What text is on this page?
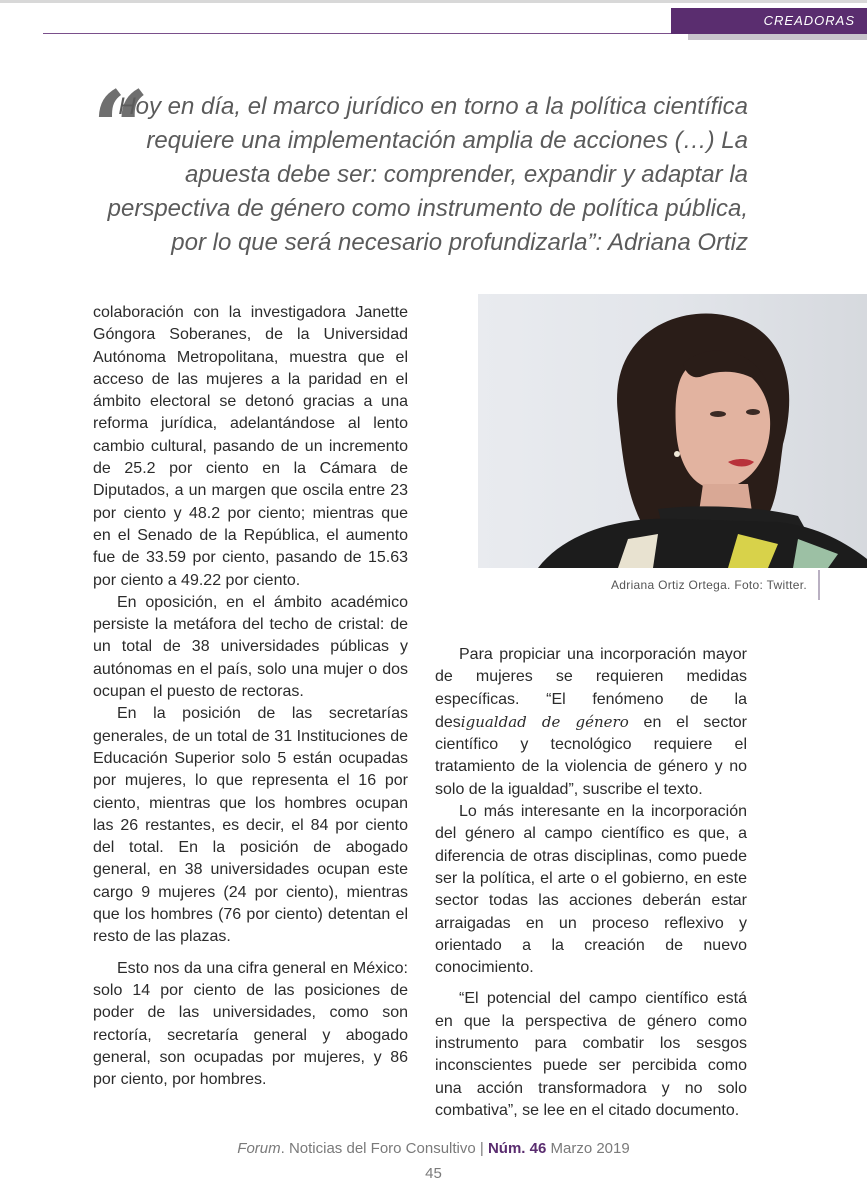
CREADORAS
“

Hoy en día, el marco jurídico en torno a la política científica requiere una implementación amplia de acciones (…) La apuesta debe ser: comprender, expandir y adaptar la perspectiva de género como instrumento de política pública, por lo que será necesario profundizarla”: Adriana Ortiz

colaboración con la investigadora Janette Góngora Soberanes, de la Universidad Autónoma Metropolitana, muestra que el acceso de las mujeres a la paridad en el ámbito electoral se detonó gracias a una reforma jurídica, adelantándose al lento cambio cultural, pasando de un incremento de 25.2 por ciento en la Cámara de Diputados, a un margen que oscila entre 23 por ciento y 48.2 por ciento; mientras que en el Senado de la República, el aumento fue de 33.59 por ciento, pasando de 15.63 por ciento a 49.22 por ciento.

En oposición, en el ámbito académico persiste la metáfora del techo de cristal: de un total de 38 universidades públicas y autónomas en el país, solo una mujer o dos ocupan el puesto de rectoras.

En la posición de las secretarías generales, de un total de 31 Instituciones de Educación Superior solo 5 están ocupadas por mujeres, lo que representa el 16 por ciento, mientras que los hombres ocupan las 26 restantes, es decir, el 84 por ciento del total. En la posición de abogado general, en 38 universidades ocupan este cargo 9 mujeres (24 por ciento), mientras que los hombres (76 por ciento) detentan el resto de las plazas.

Esto nos da una cifra general en México: solo 14 por ciento de las posiciones de poder de las universidades, como son rectoría, secretaría general y abogado general, son ocupadas por mujeres, y 86 por ciento, por hombres.

Adriana Ortiz Ortega. Foto: Twitter.

Para propiciar una incorporación mayor de mujeres se requieren medidas específicas. “El fenómeno de la desigualdad de género en el sector científico y tecnológico requiere el tratamiento de la violencia de género y no solo de la igualdad”, suscribe el texto.

Lo más interesante en la incorporación del género al campo científico es que, a diferencia de otras disciplinas, como puede ser la política, el arte o el gobierno, en este sector todas las acciones deberán estar arraigadas en un proceso reflexivo y orientado a la creación de nuevo conocimiento.

“El potencial del campo científico está en que la perspectiva de género como instrumento para combatir los sesgos inconscientes puede ser percibida como una acción transformadora y no solo combativa”, se lee en el citado documento.

Forum. Noticias del Foro Consultivo | Núm. 46 Marzo 2019
45
